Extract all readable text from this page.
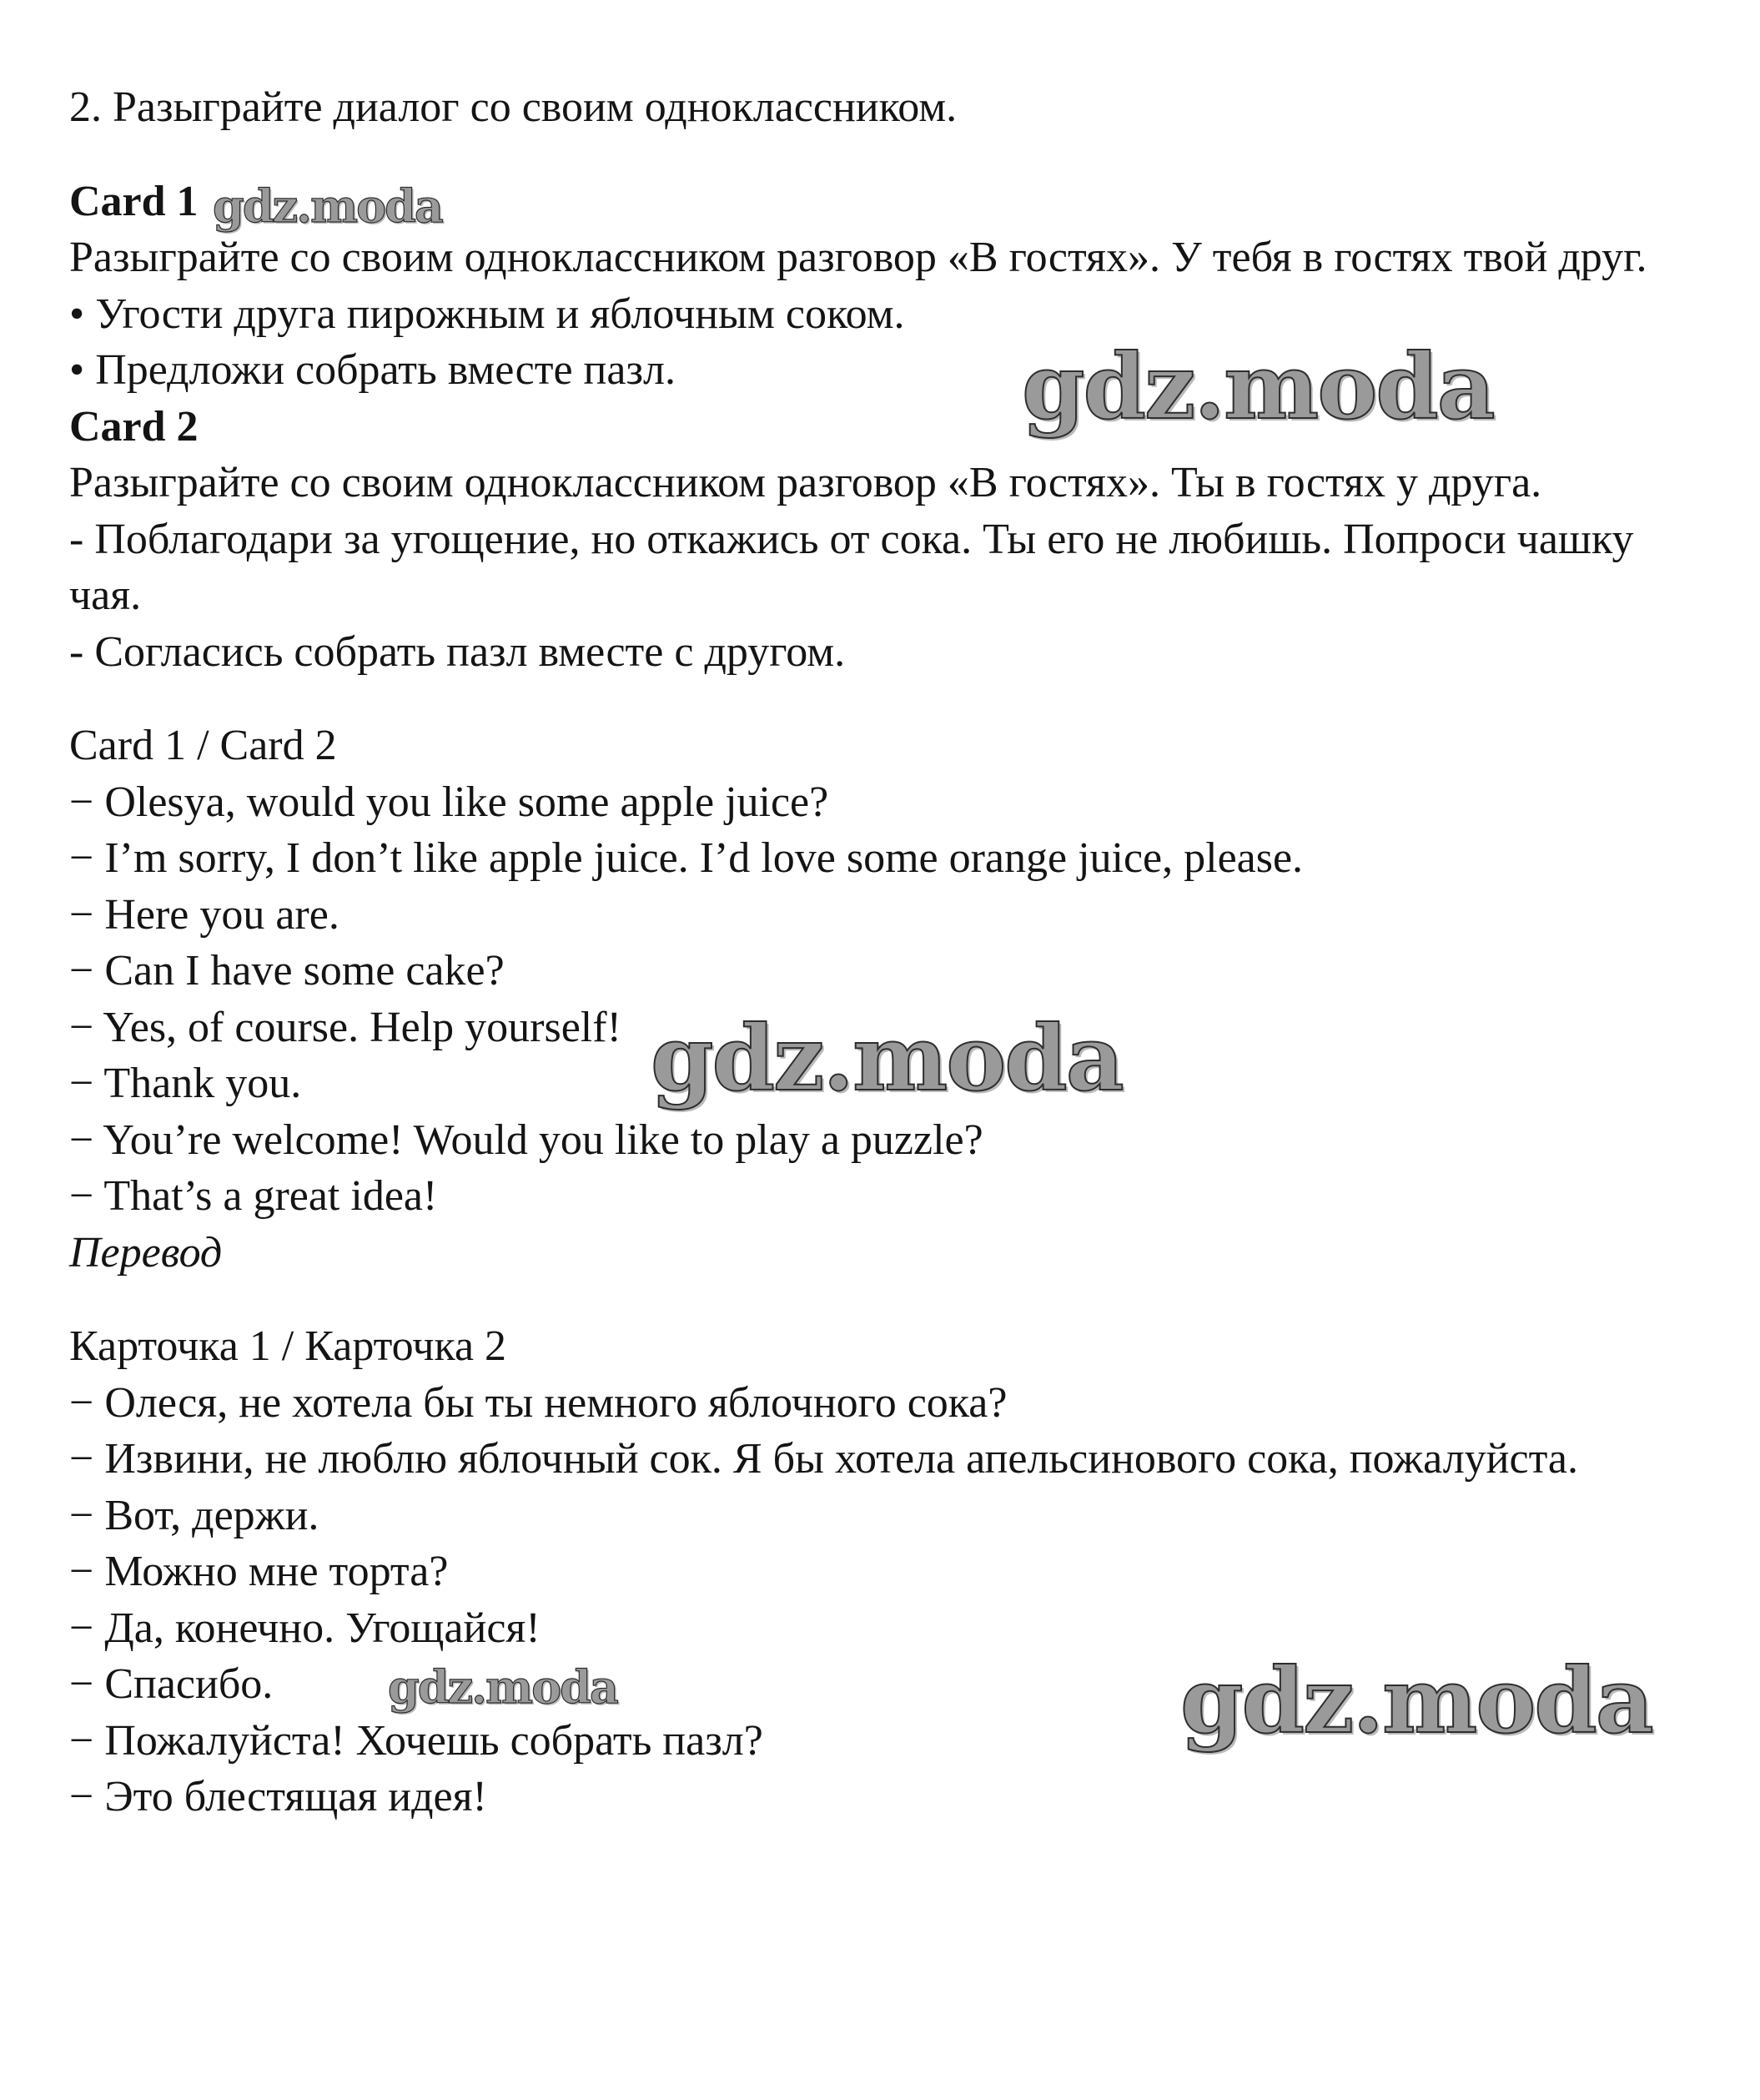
2. Разыграйте диалог со своим одноклассником.
Card 1
Разыграйте со своим одноклассником разговор «В гостях». У тебя в гостях твой друг.
• Угости друга пирожным и яблочным соком.
• Предложи собрать вместе пазл.
Card 2
Разыграйте со своим одноклассником разговор «В гостях». Ты в гостях у друга.
- Поблагодари за угощение, но откажись от сока. Ты его не любишь. Попроси чашку чая.
- Согласись собрать пазл вместе с другом.
Card 1 / Card 2
− Olesya, would you like some apple juice?
− I’m sorry, I don’t like apple juice. I’d love some orange juice, please.
− Here you are.
− Can I have some cake?
− Yes, of course. Help yourself!
− Thank you.
− You’re welcome! Would you like to play a puzzle?
− That’s a great idea!
Перевод
Карточка 1 / Карточка 2
− Олеся, не хотела бы ты немного яблочного сока?
− Извини, не люблю яблочный сок. Я бы хотела апельсинового сока, пожалуйста.
− Вот, держи.
− Можно мне торта?
− Да, конечно. Угощайся!
− Спасибо.
− Пожалуйста! Хочешь собрать пазл?
− Это блестящая идея!
gdz.moda
gdz.moda
gdz.moda
gdz.moda	gdz.moda
